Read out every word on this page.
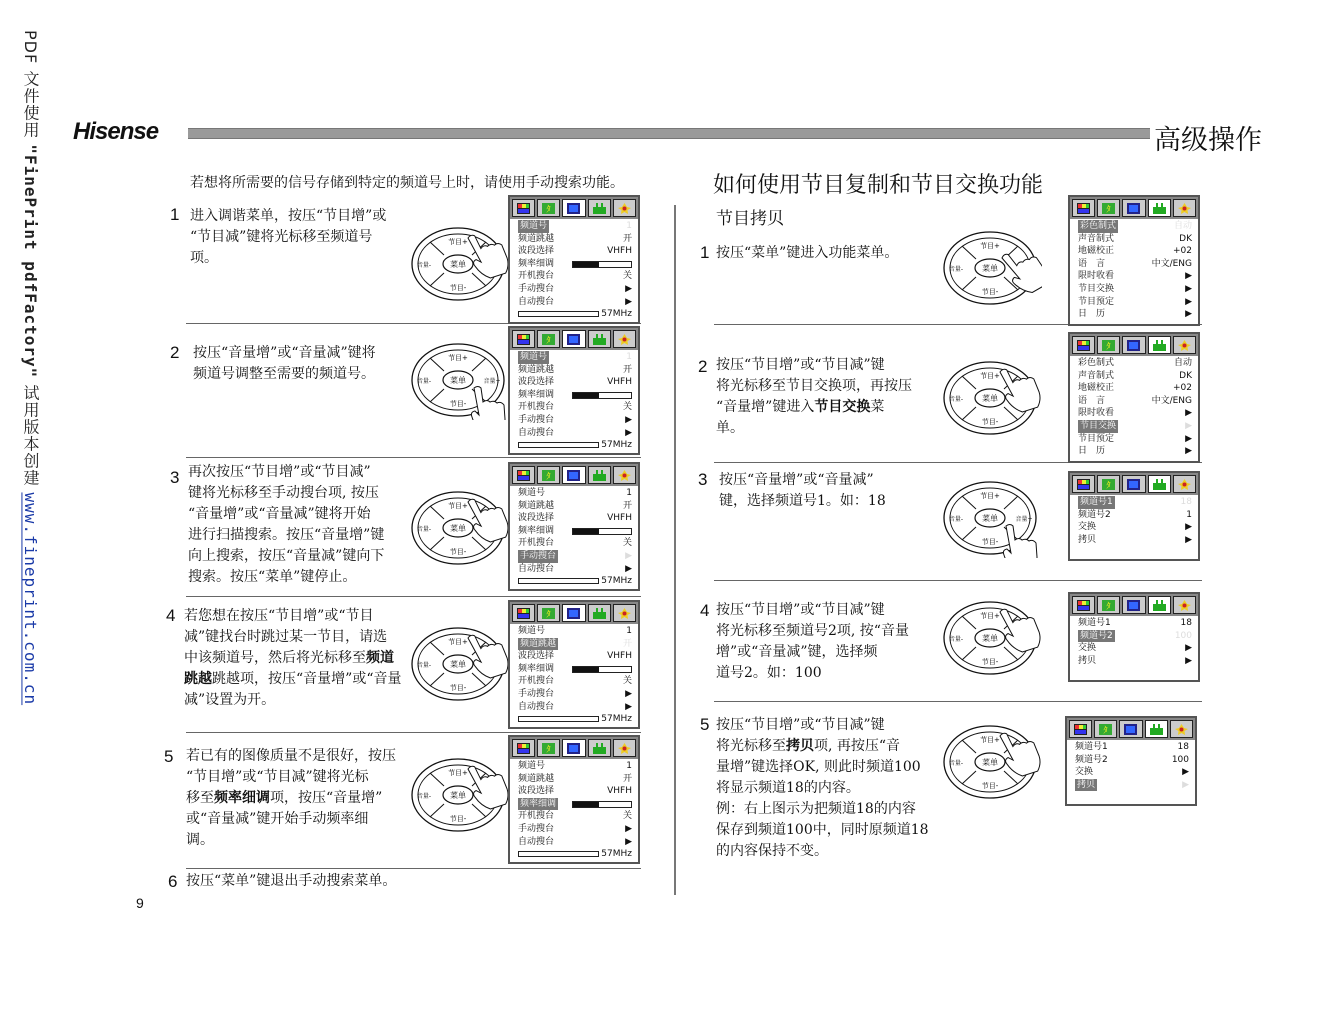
PDF 文件使用 "FinePrint pdfFactory" 试用版本创建 www.fineprint.com.cn
Hisense	高级操作
若想将所需要的信号存储到特定的频道号上时，请使用手动搜索功能。
1 进入调谐菜单，按压“节目增”或
“节目减”键将光标移至频道号
项。
2 按压“音量增”或“音量减”键将
频道号调整至需要的频道号。
3 再次按压“节目增”或“节目减”
键将光标移至手动搜台项, 按压
“音量增”或“音量减”键将开始
进行扫描搜索。按压“音量增”键
向上搜索，按压“音量减”键向下
搜索。按压“菜单”键停止。
4 若您想在按压“节目增”或“节目
减”键找台时跳过某一节目，请选
中该频道号，然后将光标移至频道
跳越跳越项，按压“音量增”或“音量
减”设置为开。
5 若已有的图像质量不是很好，按压
“节目增”或“节目减”键将光标
移至频率细调项，按压“音量增”
或“音量减”键开始手动频率细
调。
6 按压“菜单”键退出手动搜索菜单。
9
如何使用节目复制和节目交换功能
节目拷贝
1 按压“菜单”键进入功能菜单。
2 按压“节目增”或“节目减”键
将光标移至节目交换项，再按压
“音量增”键进入节目交换菜
单。
3 按压“音量增”或“音量减”
键，选择频道号1。如：18
4 按压“节目增”或“节目减”键
将光标移至频道号2项, 按“音量
增”或“音量减”键，选择频
道号2。如：100
5 按压“节目增”或“节目减”键
将光标移至拷贝项, 再按压“音
量增”键选择OK, 则此时频道100
将显示频道18的内容。
例：右上图示为把频道18的内容
保存到频道100中，同时原频道18
的内容保持不变。
菜单
节目+
节目-
音量-
菜单
节目+
节目-
音量-	音量+
菜单
节目+
节目-
音量-
菜单
节目+
节目-
音量-
菜单
节目+
节目-
音量-
菜单
节目+
节目-
音量-
菜单
节目+
节目-
音量-
菜单
节目+
节目-
音量-	音量+
菜单
节目+
节目-
音量-
菜单
节目+
节目-
音量-
ﾀ
频道号	1
频道跳越	开
波段选择	VHFH
频率细调
开机搜台	关
手动搜台	▶
自动搜台	▶
57MHz
ﾀ
频道号	1
频道跳越	开
波段选择	VHFH
频率细调
开机搜台	关
手动搜台	▶
自动搜台	▶
57MHz
ﾀ
频道号	1
频道跳越	开
波段选择	VHFH
频率细调
开机搜台	关
手动搜台	▶
自动搜台	▶
57MHz
ﾀ
频道号	1
频道跳越	开
波段选择	VHFH
频率细调
开机搜台	关
手动搜台	▶
自动搜台	▶
57MHz
ﾀ
频道号	1
频道跳越	开
波段选择	VHFH
频率细调
开机搜台	关
手动搜台	▶
自动搜台	▶
57MHz
ﾀ
彩色制式	自动
声音制式	DK
地磁校正	+02
语　言	中文/ENG
限时收看	▶
节目交换	▶
节目预定	▶
日　历	▶
ﾀ
彩色制式	自动
声音制式	DK
地磁校正	+02
语　言	中文/ENG
限时收看	▶
节目交换	▶
节目预定	▶
日　历	▶
ﾀ
频道号1	18
频道号2	1
交换	▶
拷贝	▶
ﾀ
频道号1	18
频道号2	100
交换	▶
拷贝	▶
ﾀ
频道号1	18
频道号2	100
交换	▶
拷贝	▶
